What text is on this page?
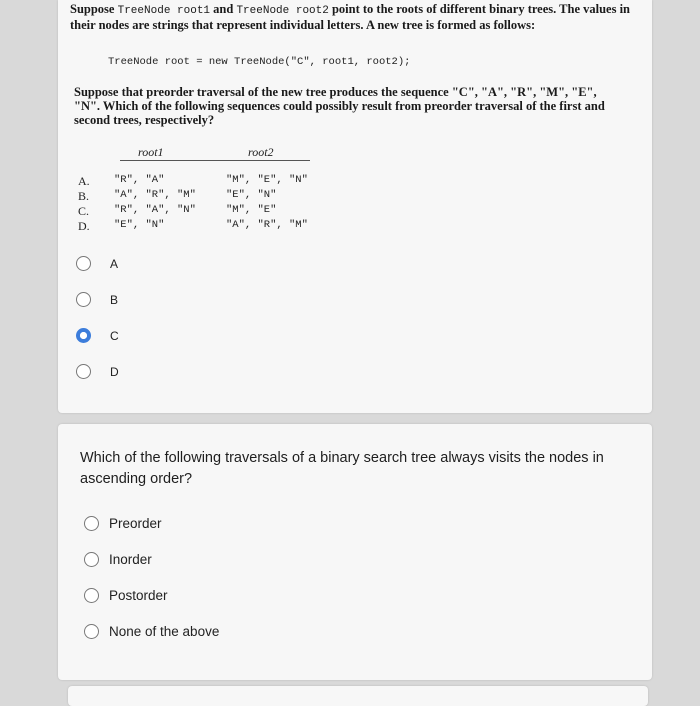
Suppose TreeNode root1 and TreeNode root2 point to the roots of different binary trees. The values in their nodes are strings that represent individual letters. A new tree is formed as follows:
TreeNode root = new TreeNode("C", root1, root2);
Suppose that preorder traversal of the new tree produces the sequence "C", "A", "R", "M", "E", "N". Which of the following sequences could possibly result from preorder traversal of the first and second trees, respectively?
root1	root2
A. "R", "A"	"M", "E", "N"
B. "A", "R", "M"	"E", "N"
C. "R", "A", "N"	"M", "E"
D. "E", "N"	"A", "R", "M"
A
B
C
D
Which of the following traversals of a binary search tree always visits the nodes in ascending order?
Preorder
Inorder
Postorder
None of the above
